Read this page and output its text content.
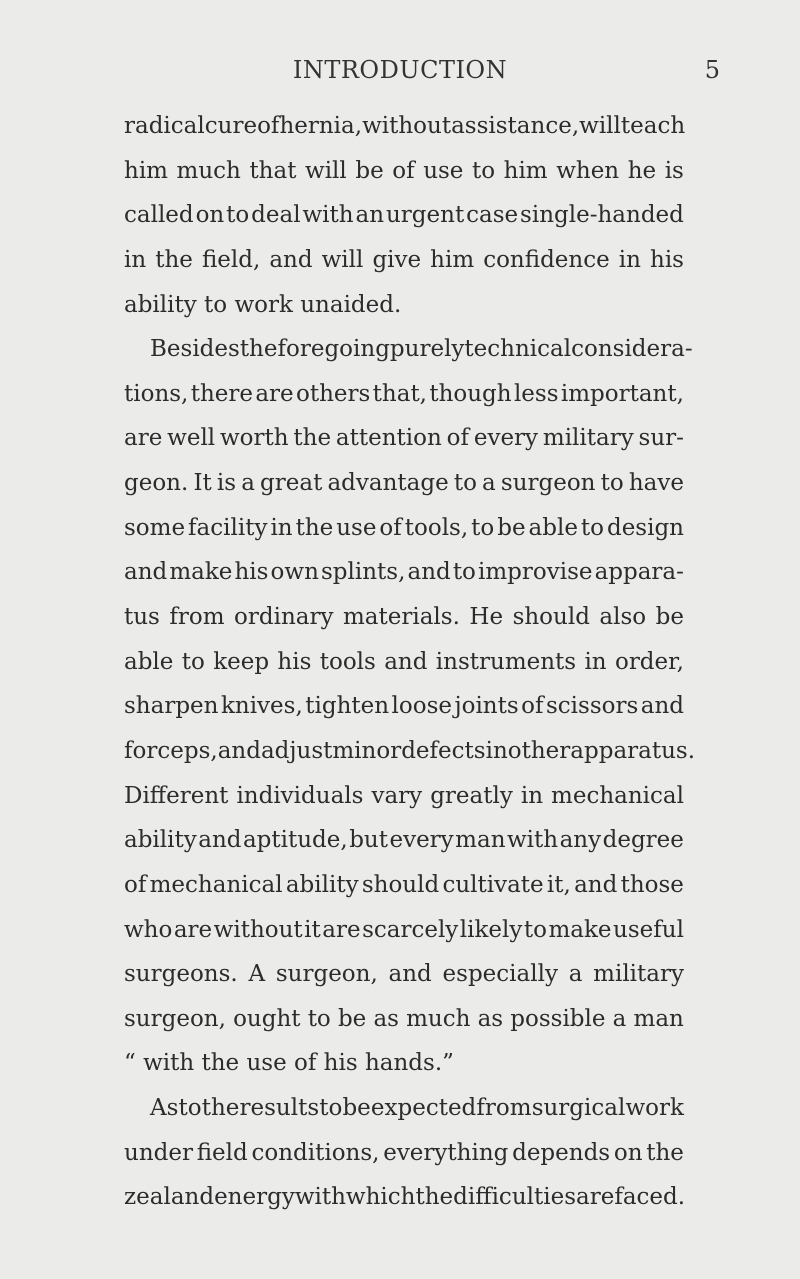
INTRODUCTION	5
radical cure of hernia, without assistance, will teach
him much that will be of use to him when he is
called on to deal with an urgent case single-handed
in the field, and will give him confidence in his
ability to work unaided.
Besides the foregoing purely technical considera-
tions, there are others that, though less important,
are well worth the attention of every military sur-
geon. It is a great advantage to a surgeon to have
some facility in the use of tools, to be able to design
and make his own splints, and to improvise appara-
tus from ordinary materials. He should also be
able to keep his tools and instruments in order,
sharpen knives, tighten loose joints of scissors and
forceps, and adjust minor defects in other apparatus.
Different individuals vary greatly in mechanical
ability and aptitude, but every man with any degree
of mechanical ability should cultivate it, and those
who are without it are scarcely likely to make useful
surgeons. A surgeon, and especially a military
surgeon, ought to be as much as possible a man
“ with the use of his hands.”
As to the results to be expected from surgical work
under field conditions, everything depends on the
zeal and energy with which the difficulties are faced.
